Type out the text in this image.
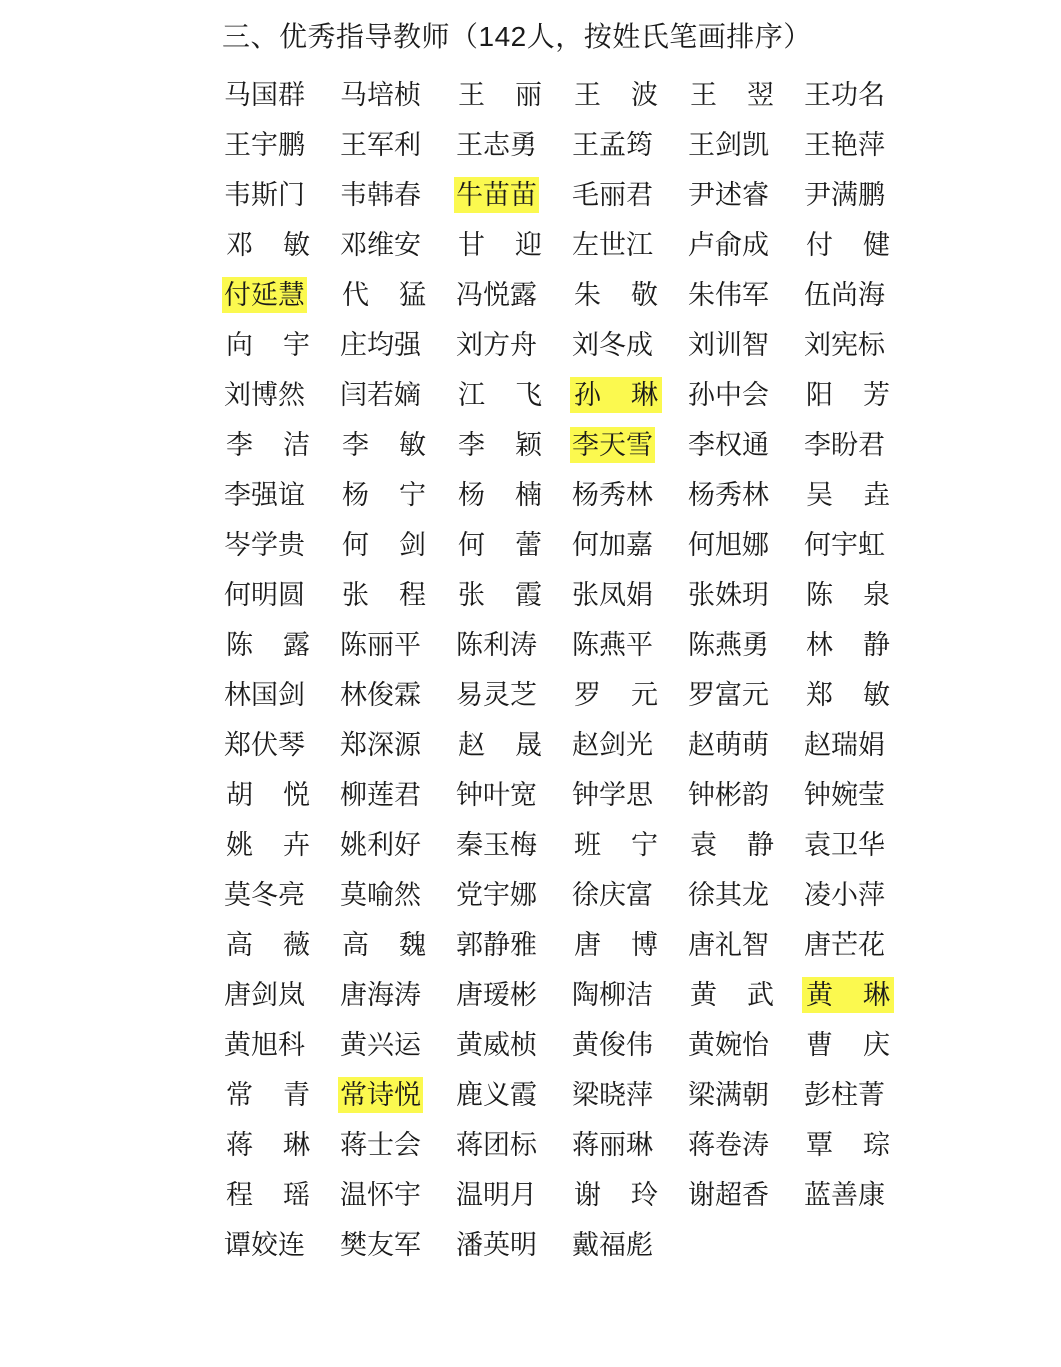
三、优秀指导教师（142人，按姓氏笔画排序）
马国群 马培桢 王 丽 王 波 王 翌 王功名
王宇鹏 王军利 王志勇 王孟筠 王剑凯 王艳萍
韦斯门 韦韩春 牛苗苗 毛丽君 尹述睿 尹满鹏
邓 敏 邓维安 甘 迎 左世江 卢俞成 付 健
付延慧 代 猛 冯悦露 朱 敬 朱伟军 伍尚海
向 宇 庄均强 刘方舟 刘冬成 刘训智 刘宪标
刘博然 闫若嫡 江 飞 孙 琳 孙中会 阳 芳
李 洁 李 敏 李 颖 李天雪 李权通 李盼君
李强谊 杨 宁 杨 楠 杨秀林 杨秀林 吴 垚
岑学贵 何 剑 何 蕾 何加嘉 何旭娜 何宇虹
何明圆 张 程 张 霞 张凤娟 张姝玥 陈 泉
陈 露 陈丽平 陈利涛 陈燕平 陈燕勇 林 静
林国剑 林俊霖 易灵芝 罗 元 罗富元 郑 敏
郑伏琴 郑深源 赵 晟 赵剑光 赵萌萌 赵瑞娟
胡 悦 柳莲君 钟叶宽 钟学思 钟彬韵 钟婉莹
姚 卉 姚利好 秦玉梅 班 宁 袁 静 袁卫华
莫冬亮 莫喻然 党宇娜 徐庆富 徐其龙 凌小萍
高 薇 高 魏 郭静雅 唐 博 唐礼智 唐芒花
唐剑岚 唐海涛 唐瑷彬 陶柳洁 黄 武 黄 琳
黄旭科 黄兴运 黄威桢 黄俊伟 黄婉怡 曹 庆
常 青 常诗悦 鹿义霞 梁晓萍 梁满朝 彭柱菁
蒋 琳 蒋士会 蒋团标 蒋丽琳 蒋卷涛 覃 琮
程 瑶 温怀宇 温明月 谢 玲 谢超香 蓝善康
谭姣连 樊友军 潘英明 戴福彪
